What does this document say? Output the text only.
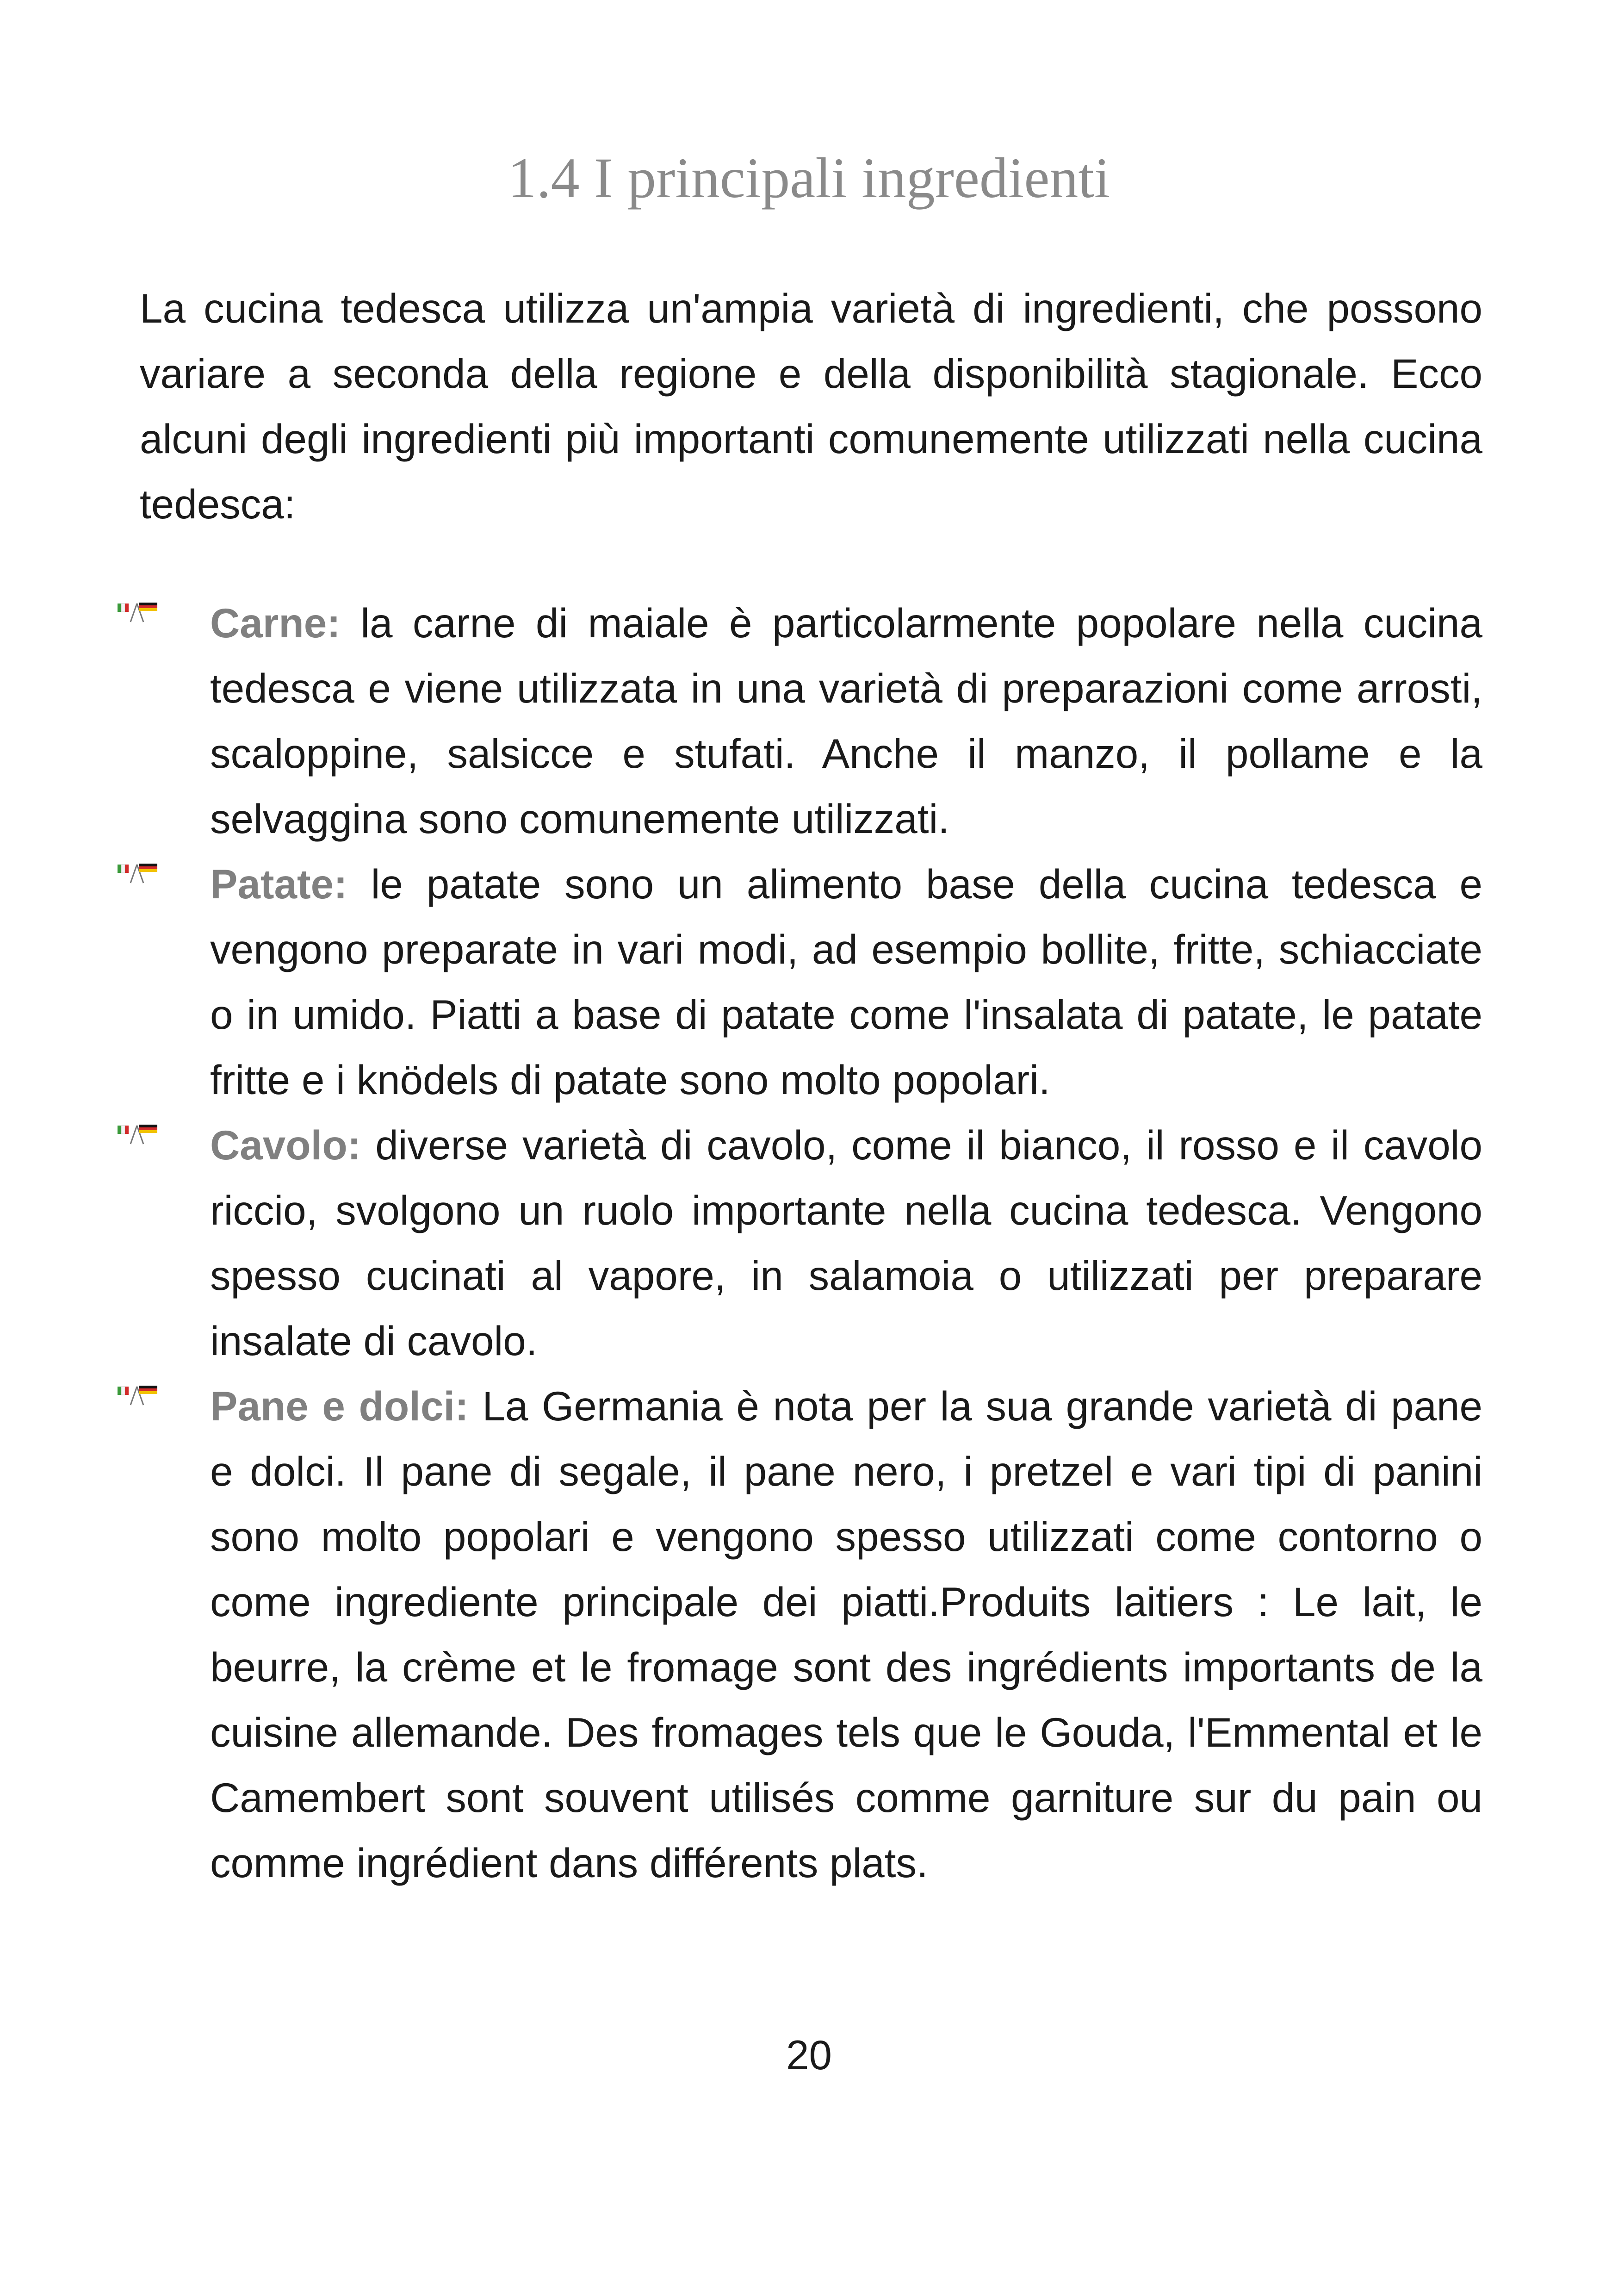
1.4 I principali ingredienti

La cucina tedesca utilizza un'ampia varietà di ingredienti, che possono variare a seconda della regione e della disponibilità stagionale. Ecco alcuni degli ingredienti più importanti comunemente utilizzati nella cucina tedesca:

Carne: la carne di maiale è particolarmente popolare nella cucina tedesca e viene utilizzata in una varietà di preparazioni come arrosti, scaloppine, salsicce e stufati. Anche il manzo, il pollame e la selvaggina sono comunemente utilizzati.
Patate: le patate sono un alimento base della cucina tedesca e vengono preparate in vari modi, ad esempio bollite, fritte, schiacciate o in umido. Piatti a base di patate come l'insalata di patate, le patate fritte e i knödels di patate sono molto popolari.
Cavolo: diverse varietà di cavolo, come il bianco, il rosso e il cavolo riccio, svolgono un ruolo importante nella cucina tedesca. Vengono spesso cucinati al vapore, in salamoia o utilizzati per preparare insalate di cavolo.
Pane e dolci: La Germania è nota per la sua grande varietà di pane e dolci. Il pane di segale, il pane nero, i pretzel e vari tipi di panini sono molto popolari e vengono spesso utilizzati come contorno o come ingrediente principale dei piatti.Produits laitiers : Le lait, le beurre, la crème et le fromage sont des ingrédients importants de la cuisine allemande. Des fromages tels que le Gouda, l'Emmental et le Camembert sont souvent utilisés comme garniture sur du pain ou comme ingrédient dans différents plats.
20
